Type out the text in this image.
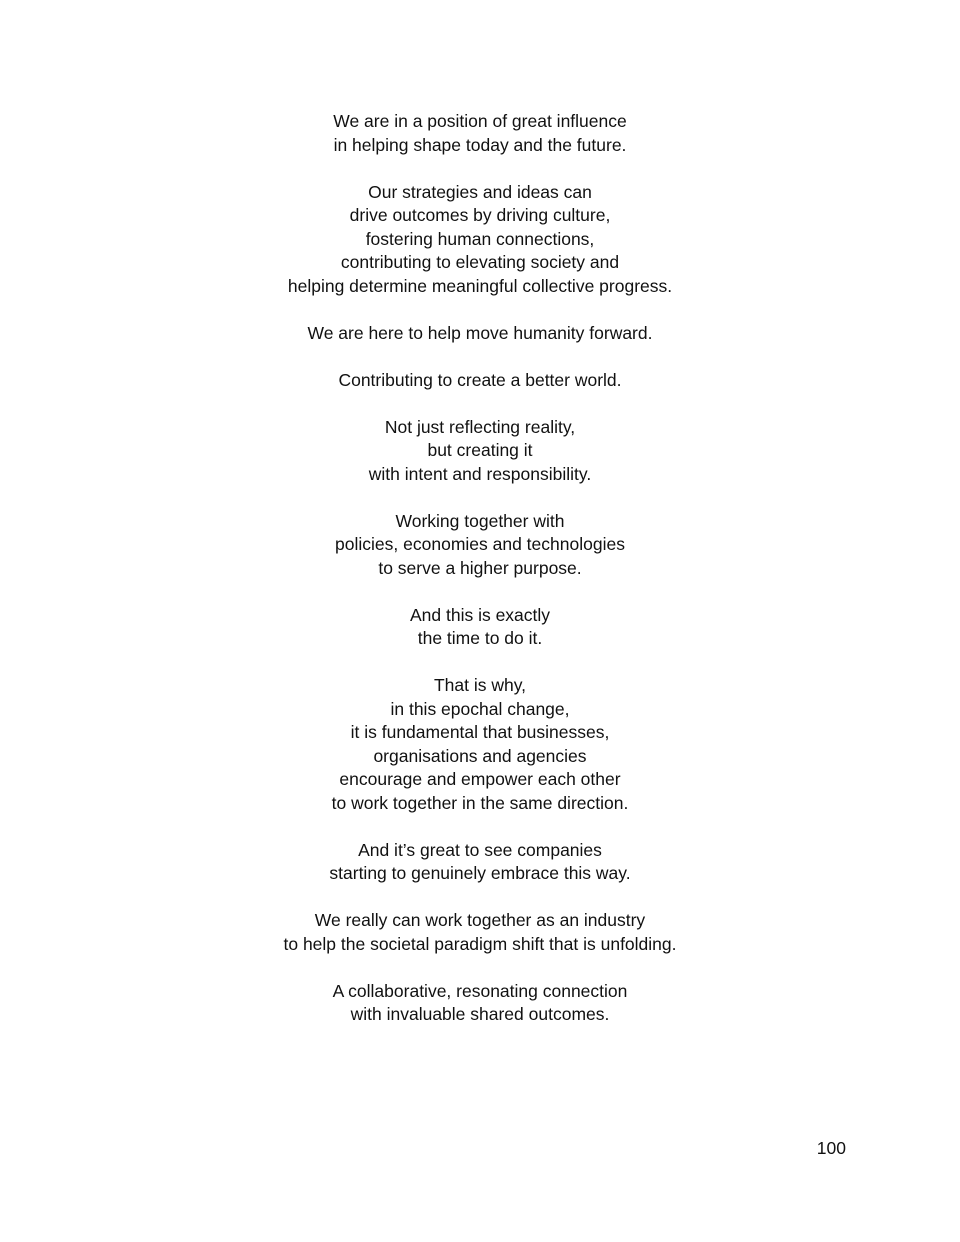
We are in a position of great influence
in helping shape today and the future.
Our strategies and ideas can
drive outcomes by driving culture,
fostering human connections,
contributing to elevating society and
helping determine meaningful collective progress.
We are here to help move humanity forward.
Contributing to create a better world.
Not just reflecting reality,
but creating it
with intent and responsibility.
Working together with
policies, economies and technologies
to serve a higher purpose.
And this is exactly
the time to do it.
That is why,
in this epochal change,
it is fundamental that businesses,
organisations and agencies
encourage and empower each other
to work together in the same direction.
And it’s great to see companies
starting to genuinely embrace this way.
We really can work together as an industry
to help the societal paradigm shift that is unfolding.
A collaborative, resonating connection
with invaluable shared outcomes.
100
